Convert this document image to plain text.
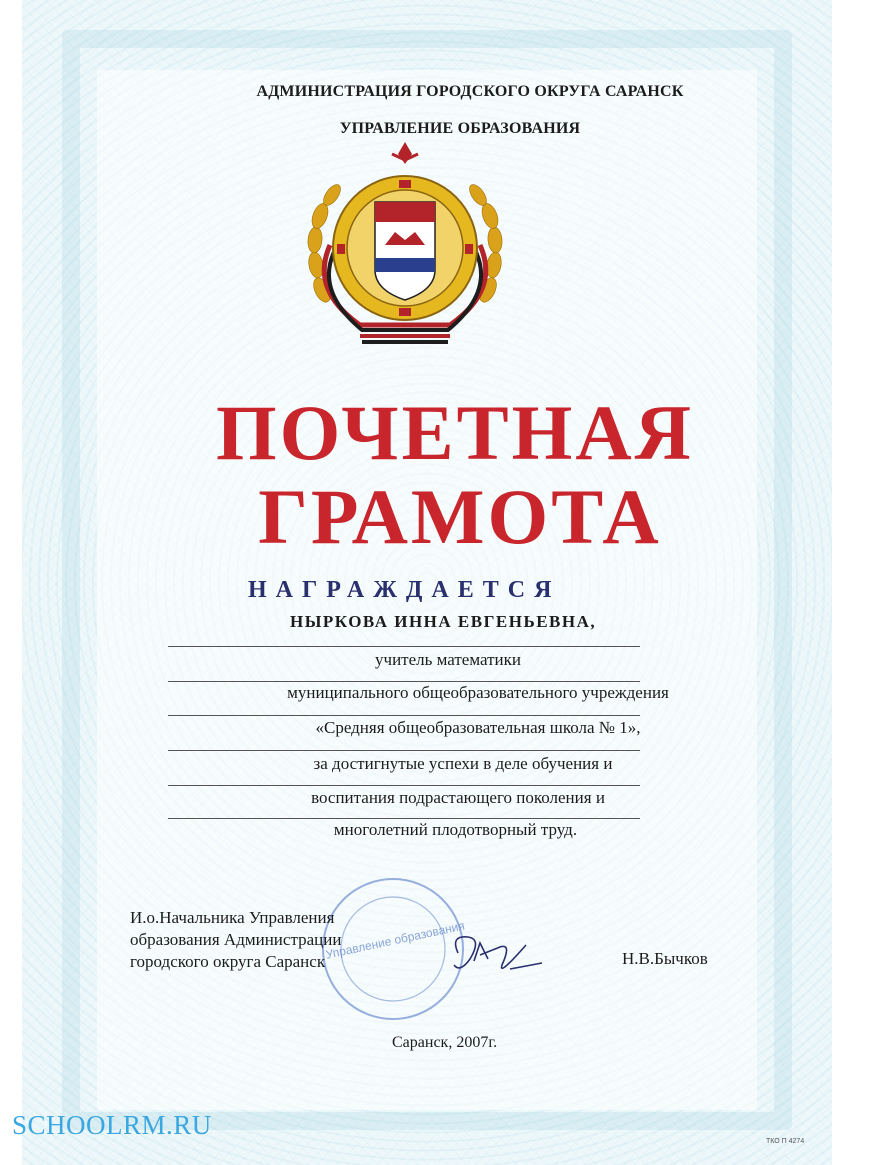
АДМИНИСТРАЦИЯ ГОРОДСКОГО ОКРУГА САРАНСК
УПРАВЛЕНИЕ ОБРАЗОВАНИЯ
ПОЧЕТНАЯ
ГРАМОТА
НАГРАЖДАЕТСЯ
НЫРКОВА ИННА ЕВГЕНЬЕВНА,
учитель математики
муниципального общеобразовательного учреждения
«Средняя общеобразовательная школа № 1»,
за достигнутые успехи в деле обучения и
воспитания подрастающего поколения и
многолетний плодотворный труд.
Управление образования
И.о.Начальника Управления
образования Администрации
городского округа Саранск	Н.В.Бычков
Саранск, 2007г.
SCHOOLRM.RU
ТКО П 4274
